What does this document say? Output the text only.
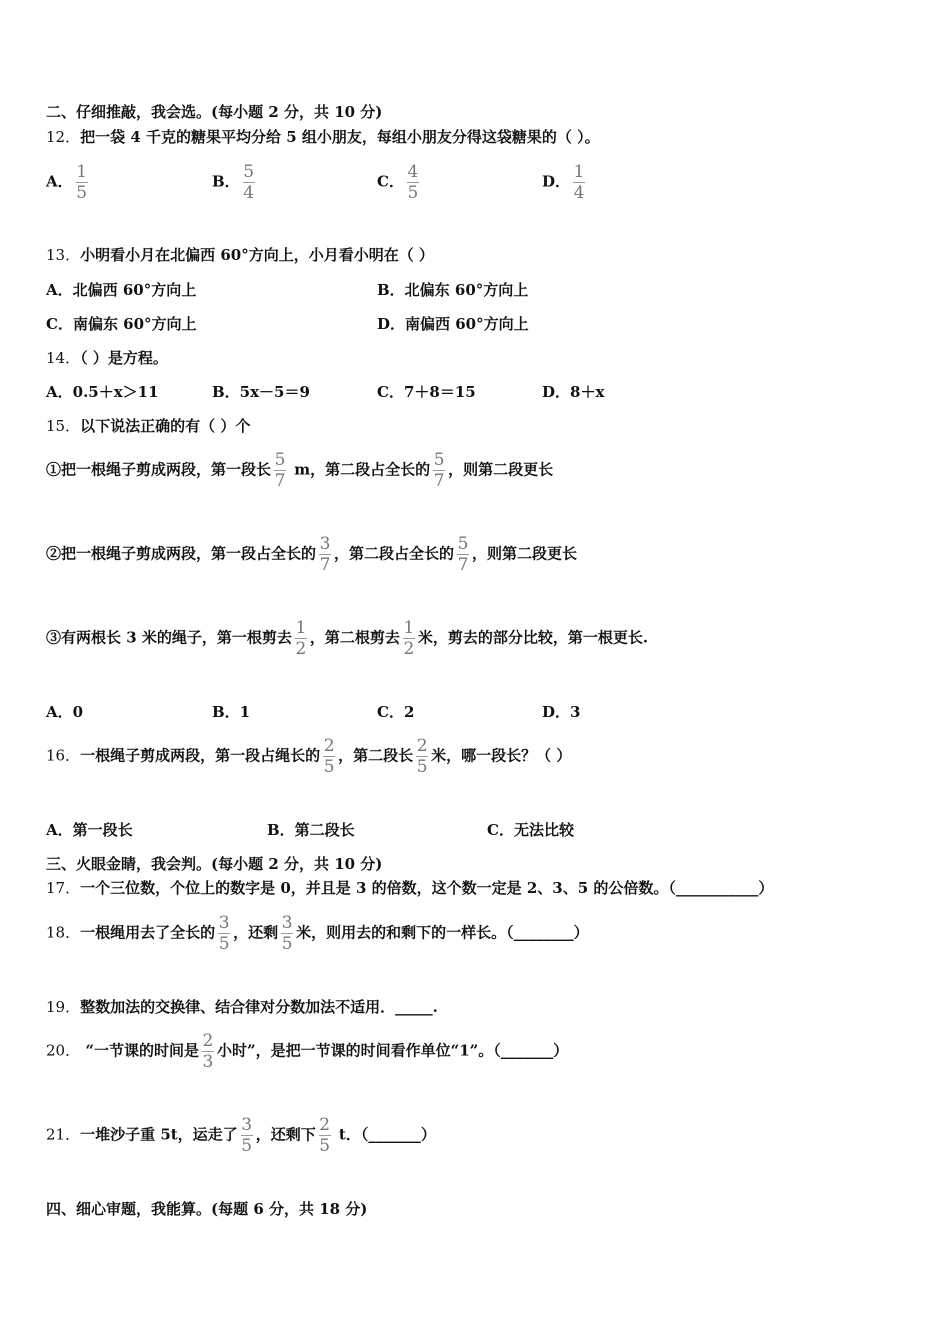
二、仔细推敲，我会选。(每小题 2 分，共 10 分)
12．把一袋 4 千克的糖果平均分给 5 组小朋友，每组小朋友分得这袋糖果的（ ）。
A． $\frac{1}{5}$	B． $\frac{5}{4}$	C． $\frac{4}{5}$	D． $\frac{1}{4}$
13．小明看小月在北偏西 60°方向上，小月看小明在（ ）
A．北偏西 60°方向上	B．北偏东 60°方向上
C．南偏东 60°方向上	D．南偏西 60°方向上
14．（ ）是方程。
A．0.5＋x＞11	B．5x－5＝9	C．7＋8＝15	D．8＋x
15．以下说法正确的有（ ）个
①把一根绳子剪成两段，第一段长 $\frac{5}{7}$ m，第二段占全长的 $\frac{5}{7}$ ，则第二段更长
②把一根绳子剪成两段，第一段占全长的 $\frac{3}{7}$ ，第二段占全长的 $\frac{5}{7}$ ，则第二段更长
③有两根长 3 米的绳子，第一根剪去 $\frac{1}{2}$ ，第二根剪去 $\frac{1}{2}$ 米，剪去的部分比较，第一根更长.
A．0	B．1	C．2	D．3
16．一根绳子剪成两段，第一段占绳长的 $\frac{2}{5}$ ，第二段长 $\frac{2}{5}$ 米，哪一段长？（ ）
A．第一段长	B．第二段长	C．无法比较
三、火眼金睛，我会判。(每小题 2 分，共 10 分)
17．一个三位数，个位上的数字是 0，并且是 3 的倍数，这个数一定是 2、3、5 的公倍数。（___________）
18．一根绳用去了全长的 $\frac{3}{5}$ ，还剩 $\frac{3}{5}$ 米，则用去的和剩下的一样长。（________）
19．整数加法的交换律、结合律对分数加法不适用．_____.
20． “一节课的时间是 $\frac{2}{3}$ 小时”，是把一节课的时间看作单位“1”。（_______）
21．一堆沙子重 5t，运走了 $\frac{3}{5}$ ，还剩下 $\frac{2}{5}$ t．（_______）
四、细心审题，我能算。(每题 6 分，共 18 分)
